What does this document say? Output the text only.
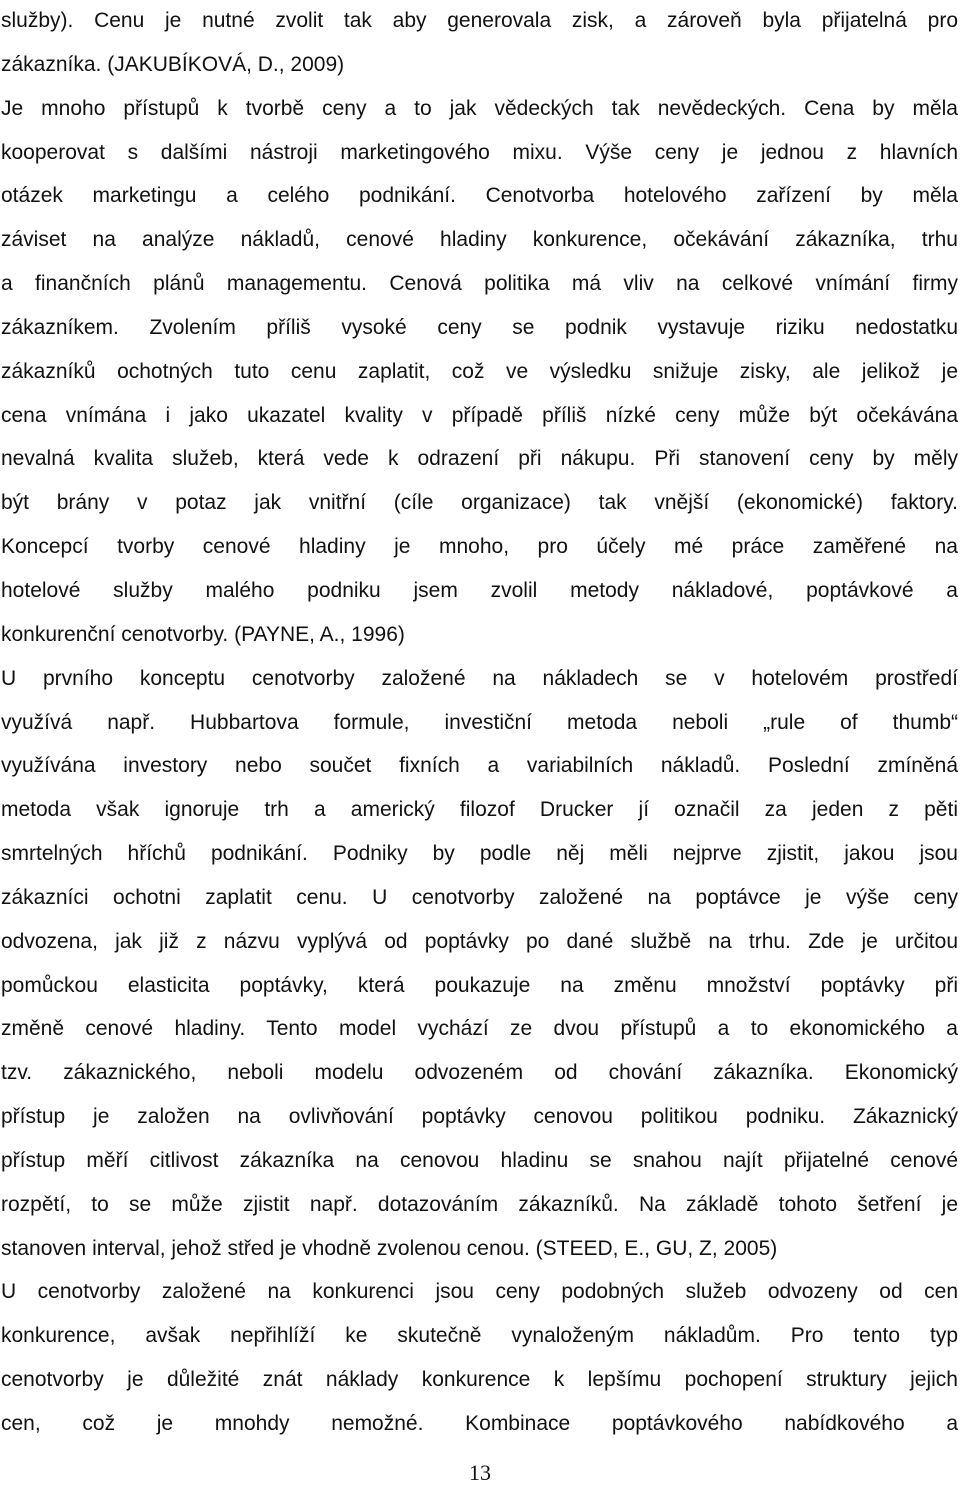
služby). Cenu je nutné zvolit tak aby generovala zisk, a zároveň byla přijatelná pro
zákazníka. (JAKUBÍKOVÁ, D., 2009)
Je mnoho přístupů k tvorbě ceny a to jak vědeckých tak nevědeckých. Cena by měla
kooperovat s dalšími nástroji marketingového mixu. Výše ceny je jednou z hlavních
otázek marketingu a celého podnikání. Cenotvorba hotelového zařízení by měla
záviset na analýze nákladů, cenové hladiny konkurence, očekávání zákazníka, trhu
a finančních plánů managementu. Cenová politika má vliv na celkové vnímání firmy
zákazníkem. Zvolením příliš vysoké ceny se podnik vystavuje riziku nedostatku
zákazníků ochotných tuto cenu zaplatit, což ve výsledku snižuje zisky, ale jelikož je
cena vnímána i jako ukazatel kvality v případě příliš nízké ceny může být očekávána
nevalná kvalita služeb, která vede k odrazení při nákupu. Při stanovení ceny by měly
být brány v potaz jak vnitřní (cíle organizace) tak vnější (ekonomické) faktory.
Koncepcí tvorby cenové hladiny je mnoho, pro účely mé práce zaměřené na
hotelové služby malého podniku jsem zvolil metody nákladové, poptávkové a
konkurenční cenotvorby. (PAYNE, A., 1996)
U prvního konceptu cenotvorby založené na nákladech se v hotelovém prostředí
využívá např. Hubbartova formule, investiční metoda neboli „rule of thumb“
využívána investory nebo součet fixních a variabilních nákladů. Poslední zmíněná
metoda však ignoruje trh a americký filozof Drucker jí označil za jeden z pěti
smrtelných hříchů podnikání. Podniky by podle něj měli nejprve zjistit, jakou jsou
zákazníci ochotni zaplatit cenu. U cenotvorby založené na poptávce je výše ceny
odvozena, jak již z názvu vyplývá od poptávky po dané službě na trhu. Zde je určitou
pomůckou elasticita poptávky, která poukazuje na změnu množství poptávky při
změně cenové hladiny. Tento model vychází ze dvou přístupů a to ekonomického a
tzv. zákaznického, neboli modelu odvozeném od chování zákazníka. Ekonomický
přístup je založen na ovlivňování poptávky cenovou politikou podniku. Zákaznický
přístup měří citlivost zákazníka na cenovou hladinu se snahou najít přijatelné cenové
rozpětí, to se může zjistit např. dotazováním zákazníků. Na základě tohoto šetření je
stanoven interval, jehož střed je vhodně zvolenou cenou. (STEED, E., GU, Z, 2005)
U cenotvorby založené na konkurenci jsou ceny podobných služeb odvozeny od cen
konkurence, avšak nepřihlíží ke skutečně vynaloženým nákladům. Pro tento typ
cenotvorby je důležité znát náklady konkurence k lepšímu pochopení struktury jejich
cen, což je mnohdy nemožné. Kombinace poptávkového nabídkového a
13
